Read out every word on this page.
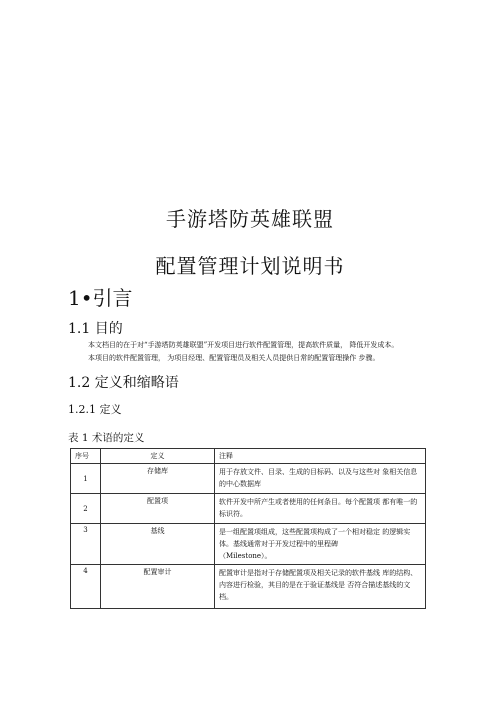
手游塔防英雄联盟
配置管理计划说明书
1•引言
1.1 目的
本文档目的在于对“手游塔防英雄联盟”开发项目进行软件配置管理，提高软件质量， 降低开发成本。
本项目的软件配置管理， 为项目经理、配置管理员及相关人员提供日常的配置管理操作 步骤。
1.2 定义和缩略语
1.2.1 定义
表 1 术语的定义
序号	定义	注释
1	存储库	用于存放文件、目录、生成的目标码、以及与这些对 象相关信息的中心数据库
2	配置项	软件开发中所产生或者使用的任何条目。每个配置项 都有唯一的标识符。
3	基线	是一组配置项组成，这些配置项构成了一个相对稳定 的逻辑实体。基线通常对于开发过程中的里程碑
（Milestone）。

4	配置审计	配置审计是指对于存储配置项及相关记录的软件基线 库的结构、内容进行检验，其目的是在于验证基线是 否符合描述基线的文档。
